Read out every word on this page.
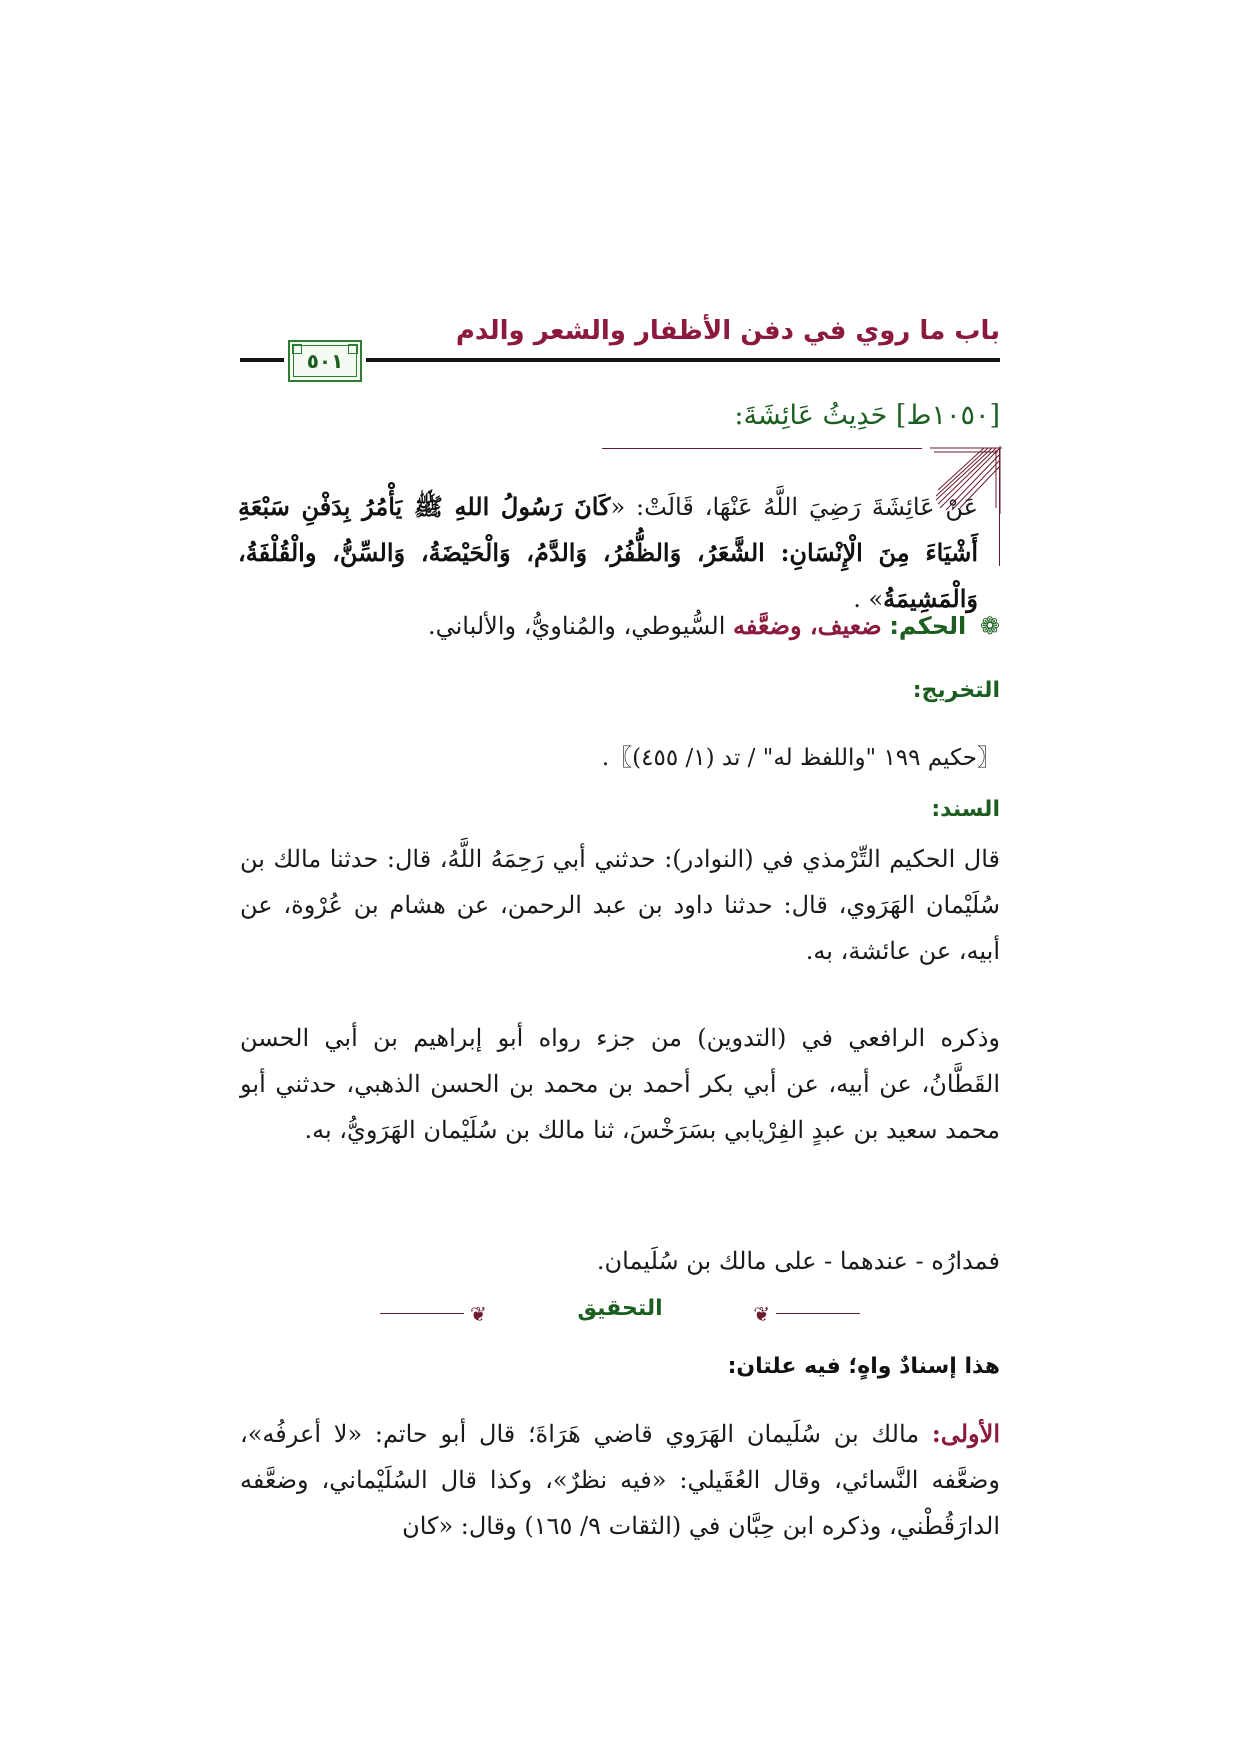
باب ما روي في دفن الأظفار والشعر والدم
٥٠١
[١٠٥٠ط] حَدِيثُ عَائِشَةَ:
عَنْ عَائِشَةَ رَضِيَ اللَّهُ عَنْهَا، قَالَتْ: «كَانَ رَسُولُ اللهِ ﷺ يَأْمُرُ بِدَفْنِ سَبْعَةِ أَشْيَاءَ مِنَ الْإِنْسَانِ: الشَّعَرُ، وَالظُّفُرُ، وَالدَّمُ، وَالْحَيْضَةُ، وَالسِّنُّ، والْقُلْفَةُ، وَالْمَشِيمَةُ» .
❁ الحكم: ضعيف، وضعَّفه السُّيوطي، والمُناويُّ، والألباني.
التخريج:
〖حكيم ١٩٩ "واللفظ له" / تد (١/ ٤٥٥)〗.
السند:
قال الحكيم التِّرْمذي في (النوادر): حدثني أبي رَحِمَهُ اللَّهُ، قال: حدثنا مالك بن سُلَيْمان الهَرَوي، قال: حدثنا داود بن عبد الرحمن، عن هشام بن عُرْوة، عن أبيه، عن عائشة، به.
وذكره الرافعي في (التدوين) من جزء رواه أبو إبراهيم بن أبي الحسن القَطَّانُ، عن أبيه، عن أبي بكر أحمد بن محمد بن الحسن الذهبي، حدثني أبو محمد سعيد بن عبدٍ الفِرْيابي بسَرَخْسَ، ثنا مالك بن سُلَيْمان الهَرَويُّ، به.
فمدارُه - عندهما - على مالك بن سُلَيمان.
❦
التحقيق
❦
هذا إسنادٌ واهٍ؛ فيه علتان:
الأولى: مالك بن سُلَيمان الهَرَوي قاضي هَرَاةَ؛ قال أبو حاتم: «لا أعرفُه»، وضعَّفه النَّسائي، وقال العُقَيلي: «فيه نظرٌ»، وكذا قال السُلَيْماني، وضعَّفه الدارَقُطْني، وذكره ابن حِبَّان في (الثقات ٩/ ١٦٥) وقال: «كان
